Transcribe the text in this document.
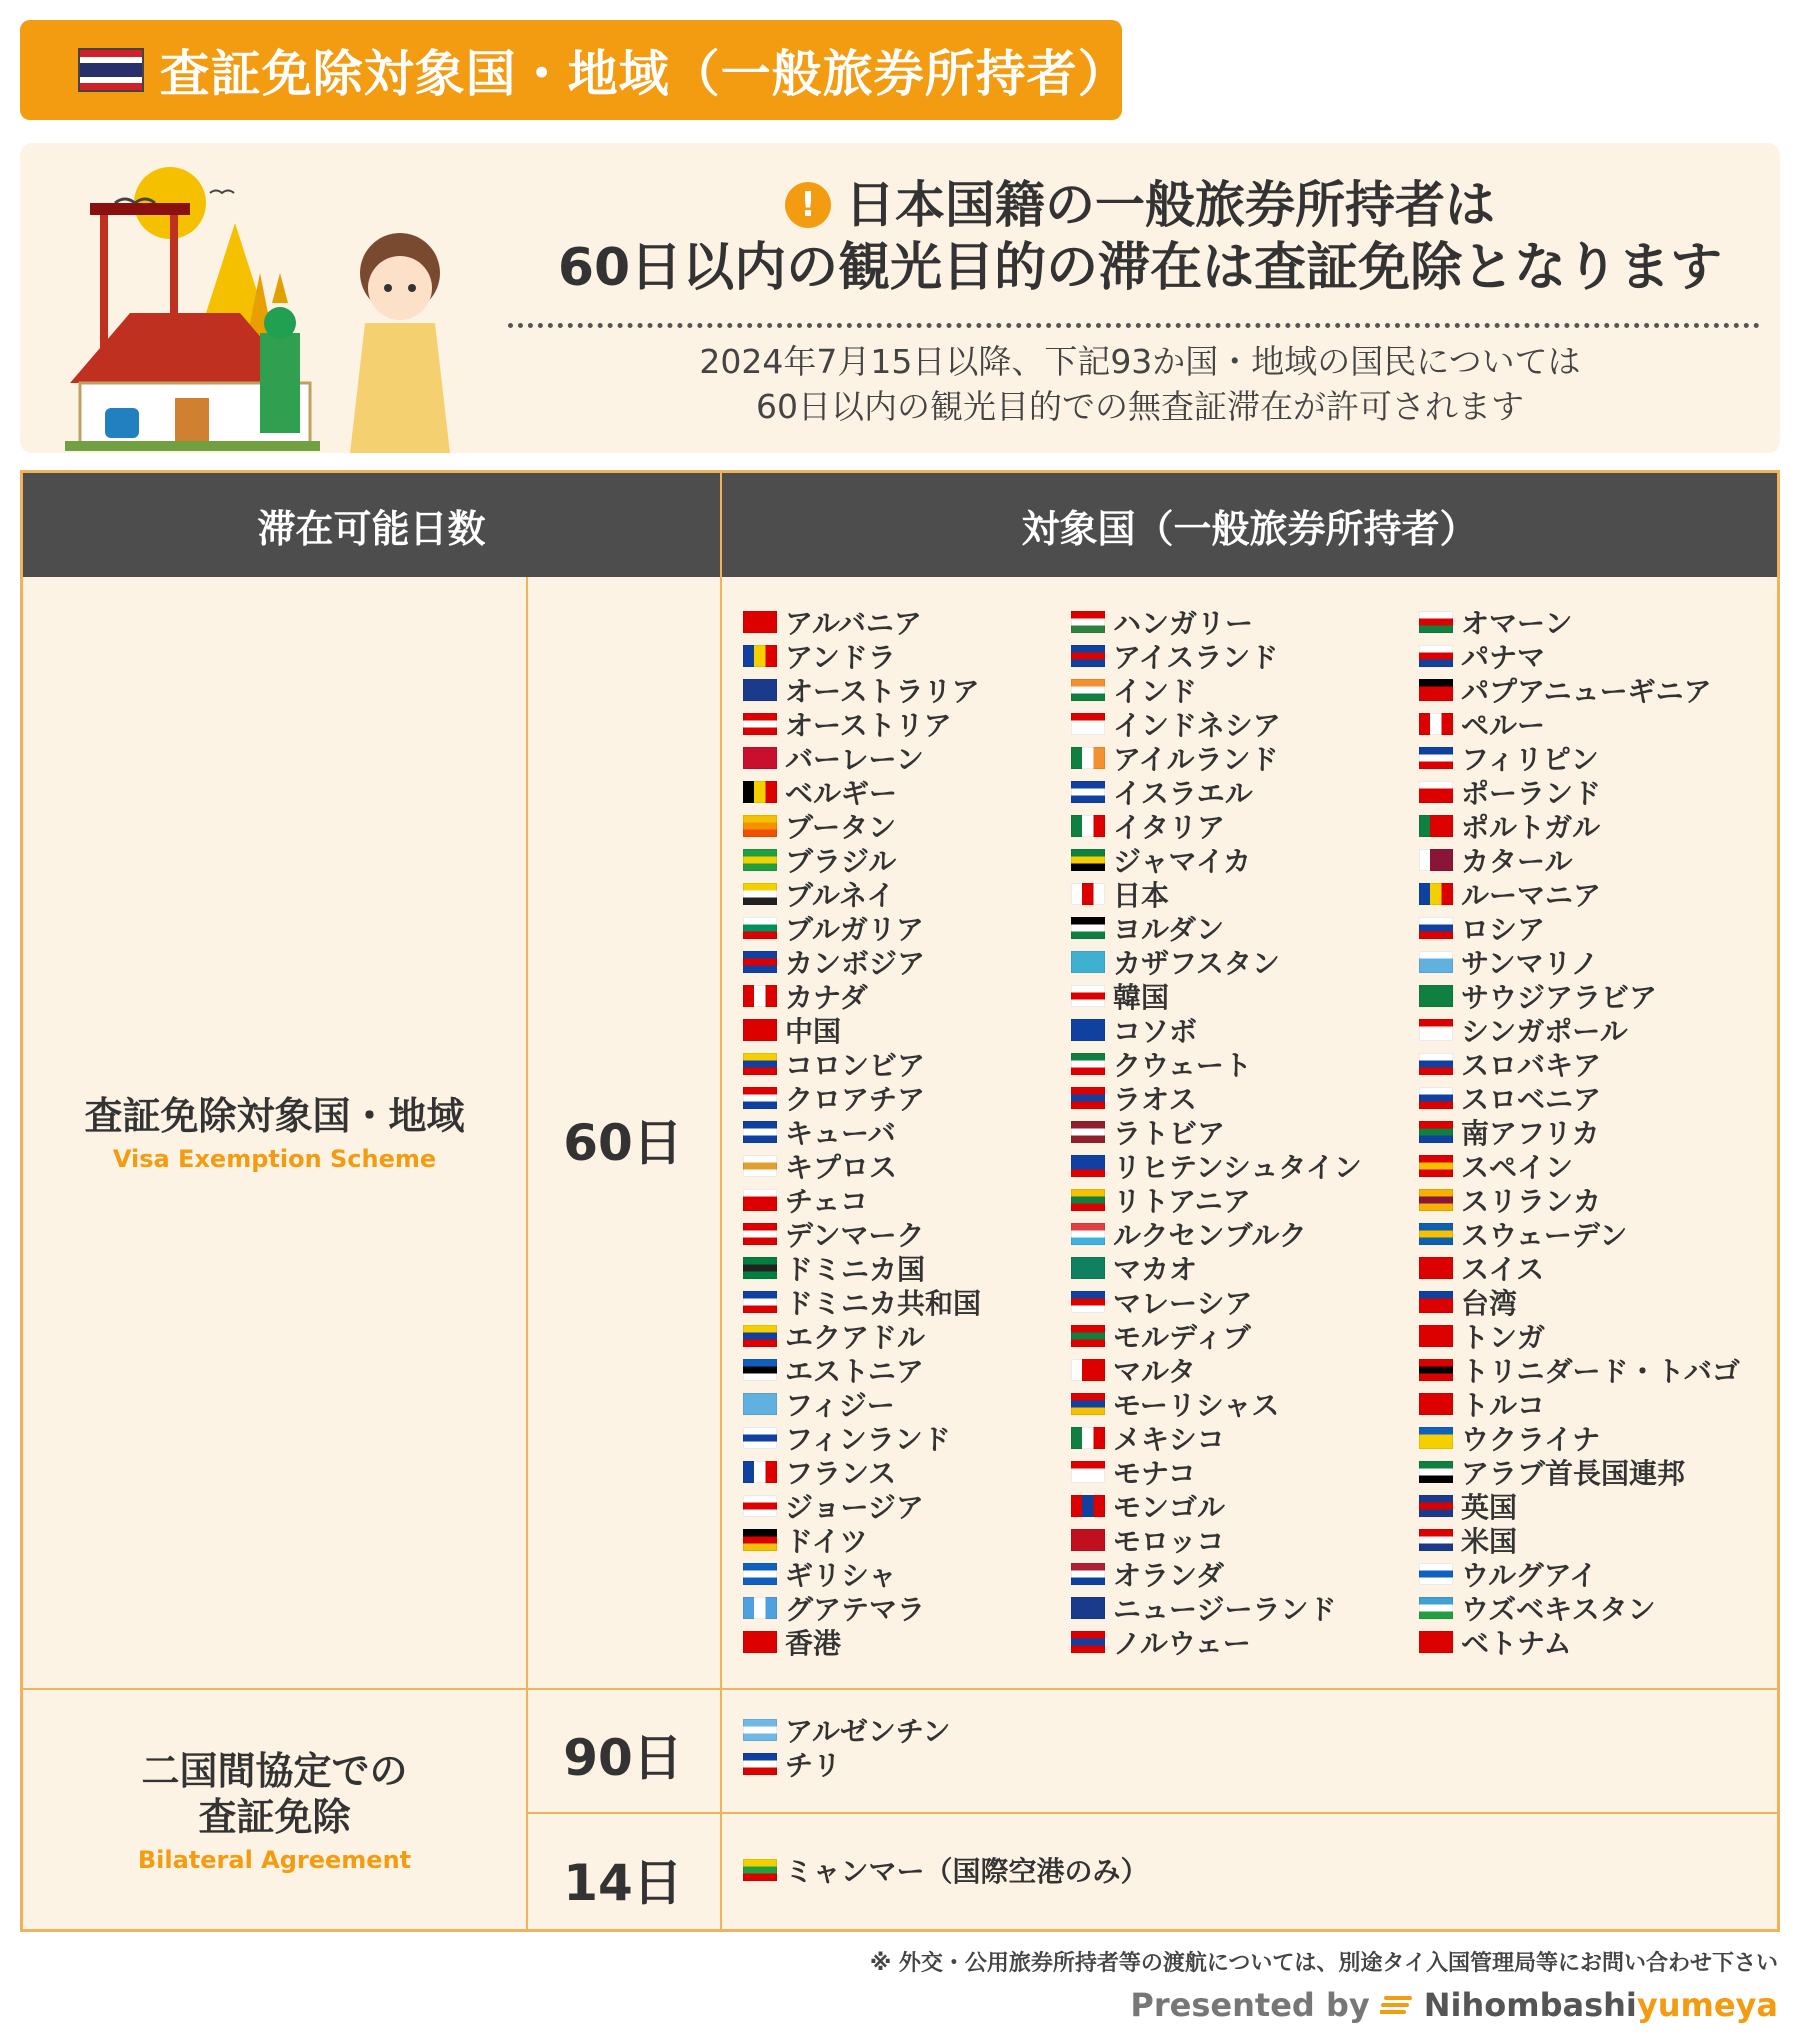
査証免除対象国・地域（一般旅券所持者）
! 日本国籍の一般旅券所持者は
60日以内の観光目的の滞在は査証免除となります
2024年7月15日以降、下記93か国・地域の国民については
60日以内の観光目的での無査証滞在が許可されます
滞在可能日数	対象国（一般旅券所持者）
査証免除対象国・地域
Visa Exemption Scheme	60日
アルバニア
アンドラ
オーストラリア
オーストリア
バーレーン
ベルギー
ブータン
ブラジル
ブルネイ
ブルガリア
カンボジア
カナダ
中国
コロンビア
クロアチア
キューバ
キプロス
チェコ
デンマーク
ドミニカ国
ドミニカ共和国
エクアドル
エストニア
フィジー
フィンランド
フランス
ジョージア
ドイツ
ギリシャ
グアテマラ
香港
ハンガリー
アイスランド
インド
インドネシア
アイルランド
イスラエル
イタリア
ジャマイカ
日本
ヨルダン
カザフスタン
韓国
コソボ
クウェート
ラオス
ラトビア
リヒテンシュタイン
リトアニア
ルクセンブルク
マカオ
マレーシア
モルディブ
マルタ
モーリシャス
メキシコ
モナコ
モンゴル
モロッコ
オランダ
ニュージーランド
ノルウェー
オマーン
パナマ
パプアニューギニア
ペルー
フィリピン
ポーランド
ポルトガル
カタール
ルーマニア
ロシア
サンマリノ
サウジアラビア
シンガポール
スロバキア
スロベニア
南アフリカ
スペイン
スリランカ
スウェーデン
スイス
台湾
トンガ
トリニダード・トバゴ
トルコ
ウクライナ
アラブ首長国連邦
英国
米国
ウルグアイ
ウズベキスタン
ベトナム
二国間協定での
査証免除
Bilateral Agreement
90日
14日
アルゼンチン
チリ
ミャンマー（国際空港のみ）
※ 外交・公用旅券所持者等の渡航については、別途タイ入国管理局等にお問い合わせ下さい
Presented by Nihombashiyumeya
